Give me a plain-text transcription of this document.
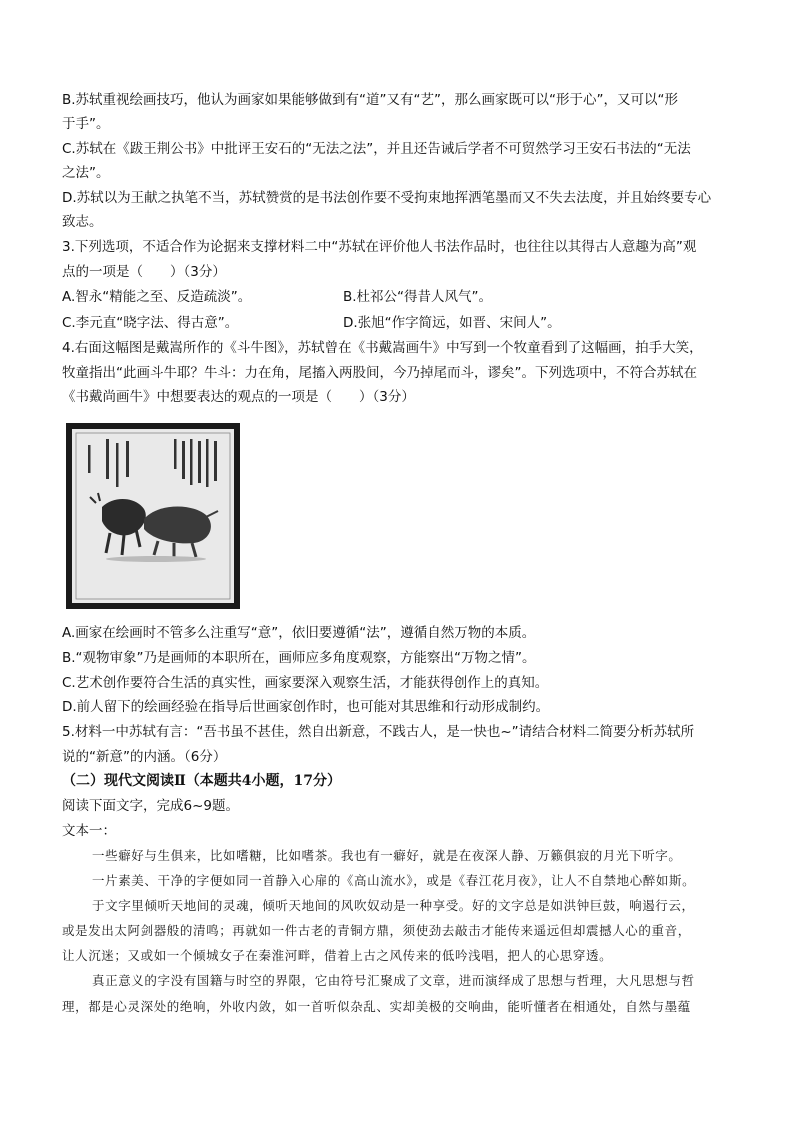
B.苏轼重视绘画技巧，他认为画家如果能够做到有“道”又有“艺”，那么画家既可以“形于心”，又可以“形
于手”。
C.苏轼在《跋王荆公书》中批评王安石的“无法之法”，并且还告诫后学者不可贸然学习王安石书法的“无法
之法”。
D.苏轼以为王献之执笔不当，苏轼赞赏的是书法创作要不受拘束地挥洒笔墨而又不失去法度，并且始终要专心
致志。
3.下列选项，不适合作为论据来支撑材料二中“苏轼在评价他人书法作品时，也往往以其得古人意趣为高”观
点的一项是（　　）（3分）
A.智永“精能之至、反造疏淡”。	B.杜祁公“得昔人风气”。
C.李元直“晓字法、得古意”。	D.张旭“作字简远，如晋、宋间人”。
4.右面这幅图是戴嵩所作的《斗牛图》，苏轼曾在《书戴嵩画牛》中写到一个牧童看到了这幅画，拍手大笑，
牧童指出“此画斗牛耶？牛斗：力在角，尾搐入两股间，今乃掉尾而斗，谬矣”。下列选项中，不符合苏轼在
《书戴尚画牛》中想要表达的观点的一项是（　　）（3分）
A.画家在绘画时不管多么注重写“意”，依旧要遵循“法”，遵循自然万物的本质。
B.“观物审象”乃是画师的本职所在，画师应多角度观察，方能察出“万物之情”。
C.艺术创作要符合生活的真实性，画家要深入观察生活，才能获得创作上的真知。
D.前人留下的绘画经验在指导后世画家创作时，也可能对其思维和行动形成制约。
5.材料一中苏轼有言：“吾书虽不甚佳，然自出新意，不践古人，是一快也~”请结合材料二简要分析苏轼所
说的“新意”的内涵。（6分）
（二）现代文阅读Ⅱ（本题共4小题，17分）
阅读下面文字，完成6~9题。
文本一：
一些癖好与生俱来，比如嗜糖，比如嗜茶。我也有一癖好，就是在夜深人静、万籁俱寂的月光下听字。
一片素美、干净的字便如同一首静入心扉的《高山流水》，或是《春江花月夜》，让人不自禁地心醉如斯。
于文字里倾听天地间的灵魂，倾听天地间的风吹奴动是一种享受。好的文字总是如洪钟巨鼓，响遏行云，
或是发出太阿剑器般的清鸣；再就如一件古老的青铜方鼎，须使劲去敲击才能传来遥远但却震撼人心的重音，
让人沉迷；又或如一个倾城女子在秦淮河畔，借着上古之风传来的低吟浅唱，把人的心思穿透。
真正意义的字没有国籍与时空的界限，它由符号汇聚成了文章，进而演绎成了思想与哲理，大凡思想与哲
理，都是心灵深处的绝响，外收内敛，如一首听似杂乱、实却美极的交响曲，能听懂者在相通处，自然与墨蕴
